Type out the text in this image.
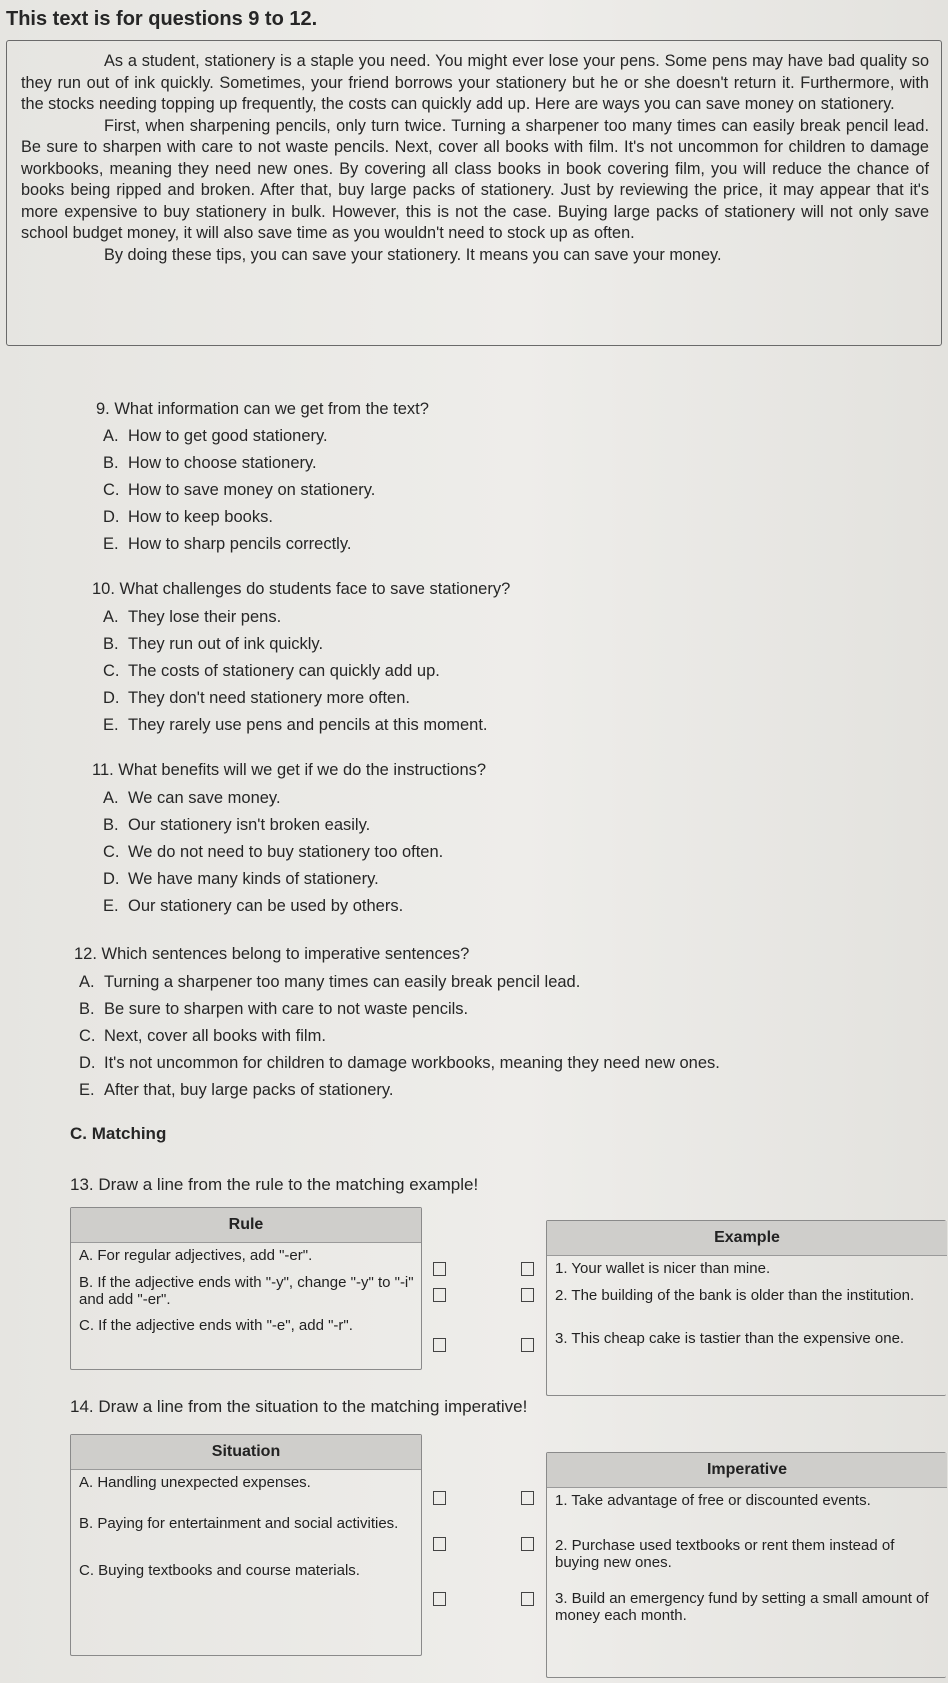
This text is for questions 9 to 12.

As a student, stationery is a staple you need. You might ever lose your pens. Some pens may have bad quality so they run out of ink quickly. Sometimes, your friend borrows your stationery but he or she doesn't return it. Furthermore, with the stocks needing topping up frequently, the costs can quickly add up. Here are ways you can save money on stationery.

First, when sharpening pencils, only turn twice. Turning a sharpener too many times can easily break pencil lead. Be sure to sharpen with care to not waste pencils. Next, cover all books with film. It's not uncommon for children to damage workbooks, meaning they need new ones. By covering all class books in book covering film, you will reduce the chance of books being ripped and broken. After that, buy large packs of stationery. Just by reviewing the price, it may appear that it's more expensive to buy stationery in bulk. However, this is not the case. Buying large packs of stationery will not only save school budget money, it will also save time as you wouldn't need to stock up as often.

By doing these tips, you can save your stationery. It means you can save your money.

9. What information can we get from the text?
A. How to get good stationery.
B. How to choose stationery.
C. How to save money on stationery.
D. How to keep books.
E. How to sharp pencils correctly.
10. What challenges do students face to save stationery?
A. They lose their pens.
B. They run out of ink quickly.
C. The costs of stationery can quickly add up.
D. They don't need stationery more often.
E. They rarely use pens and pencils at this moment.
11. What benefits will we get if we do the instructions?
A. We can save money.
B. Our stationery isn't broken easily.
C. We do not need to buy stationery too often.
D. We have many kinds of stationery.
E. Our stationery can be used by others.
12. Which sentences belong to imperative sentences?
A. Turning a sharpener too many times can easily break pencil lead.
B. Be sure to sharpen with care to not waste pencils.
C. Next, cover all books with film.
D. It's not uncommon for children to damage workbooks, meaning they need new ones.
E. After that, buy large packs of stationery.
C. Matching
13. Draw a line from the rule to the matching example!
Rule
A. For regular adjectives, add "-er".
B. If the adjective ends with "-y", change "-y" to "-i" and add "-er".
C. If the adjective ends with "-e", add "-r".
Example
1. Your wallet is nicer than mine.
2. The building of the bank is older than the institution.
3. This cheap cake is tastier than the expensive one.
14. Draw a line from the situation to the matching imperative!
Situation
A. Handling unexpected expenses.
B. Paying for entertainment and social activities.
C. Buying textbooks and course materials.
Imperative
1. Take advantage of free or discounted events.
2. Purchase used textbooks or rent them instead of buying new ones.
3. Build an emergency fund by setting a small amount of money each month.
